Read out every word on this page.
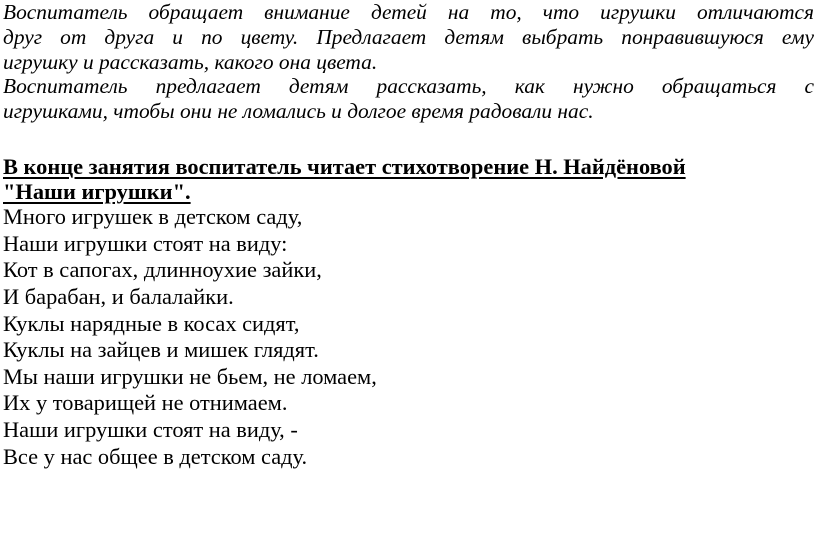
Воспитатель обращает внимание детей на то, что игрушки отличаются
друг от друга и по цвету. Предлагает детям выбрать понравившуюся ему
игрушку и рассказать, какого она цвета.

Воспитатель предлагает детям рассказать, как нужно обращаться с
игрушками, чтобы они не ломались и долгое время радовали нас.

В конце занятия воспитатель читает стихотворение Н. Найдёновой
"Наши игрушки".

Много игрушек в детском саду,
Наши игрушки стоят на виду:
Кот в сапогах, длинноухие зайки,
И барабан, и балалайки.
Куклы нарядные в косах сидят,
Куклы на зайцев и мишек глядят.
Мы наши игрушки не бьем, не ломаем,
Их у товарищей не отнимаем.
Наши игрушки стоят на виду, -
Все у нас общее в детском саду.
